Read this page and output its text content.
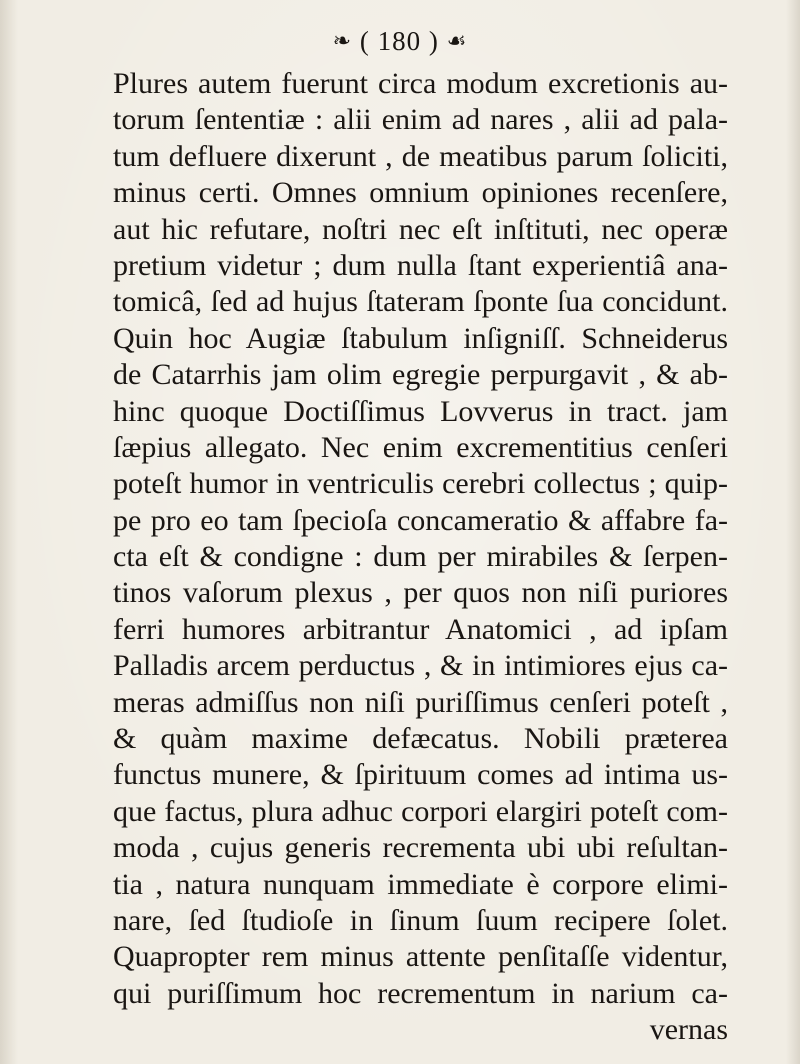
❧ ( 180 ) ☙
Plures autem fuerunt circa modum excretionis au-
torum ſententiæ : alii enim ad nares , alii ad pala-
tum defluere dixerunt , de meatibus parum ſoliciti,
minus certi. Omnes omnium opiniones recenſere,
aut hic refutare, noſtri nec eſt inſtituti, nec operæ
pretium videtur ; dum nulla ſtant experientiâ ana-
tomicâ, ſed ad hujus ſtateram ſponte ſua concidunt.
Quin hoc Augiæ ſtabulum inſigniſſ. Schneiderus
de Catarrhis jam olim egregie perpurgavit , & ab-
hinc quoque Doctiſſimus Lovverus in tract. jam
ſæpius allegato. Nec enim excrementitius cenſeri
poteſt humor in ventriculis cerebri collectus ; quip-
pe pro eo tam ſpecioſa concameratio & affabre fa-
cta eſt & condigne : dum per mirabiles & ſerpen-
tinos vaſorum plexus , per quos non niſi puriores
ferri humores arbitrantur Anatomici , ad ipſam
Palladis arcem perductus , & in intimiores ejus ca-
meras admiſſus non niſi puriſſimus cenſeri poteſt ,
& quàm maxime defæcatus. Nobili præterea
functus munere, & ſpirituum comes ad intima us-
que factus, plura adhuc corpori elargiri poteſt com-
moda , cujus generis recrementa ubi ubi reſultan-
tia , natura nunquam immediate è corpore elimi-
nare, ſed ſtudioſe in ſinum ſuum recipere ſolet.
Quapropter rem minus attente penſitaſſe videntur,
qui puriſſimum hoc recrementum in narium ca-
vernas
